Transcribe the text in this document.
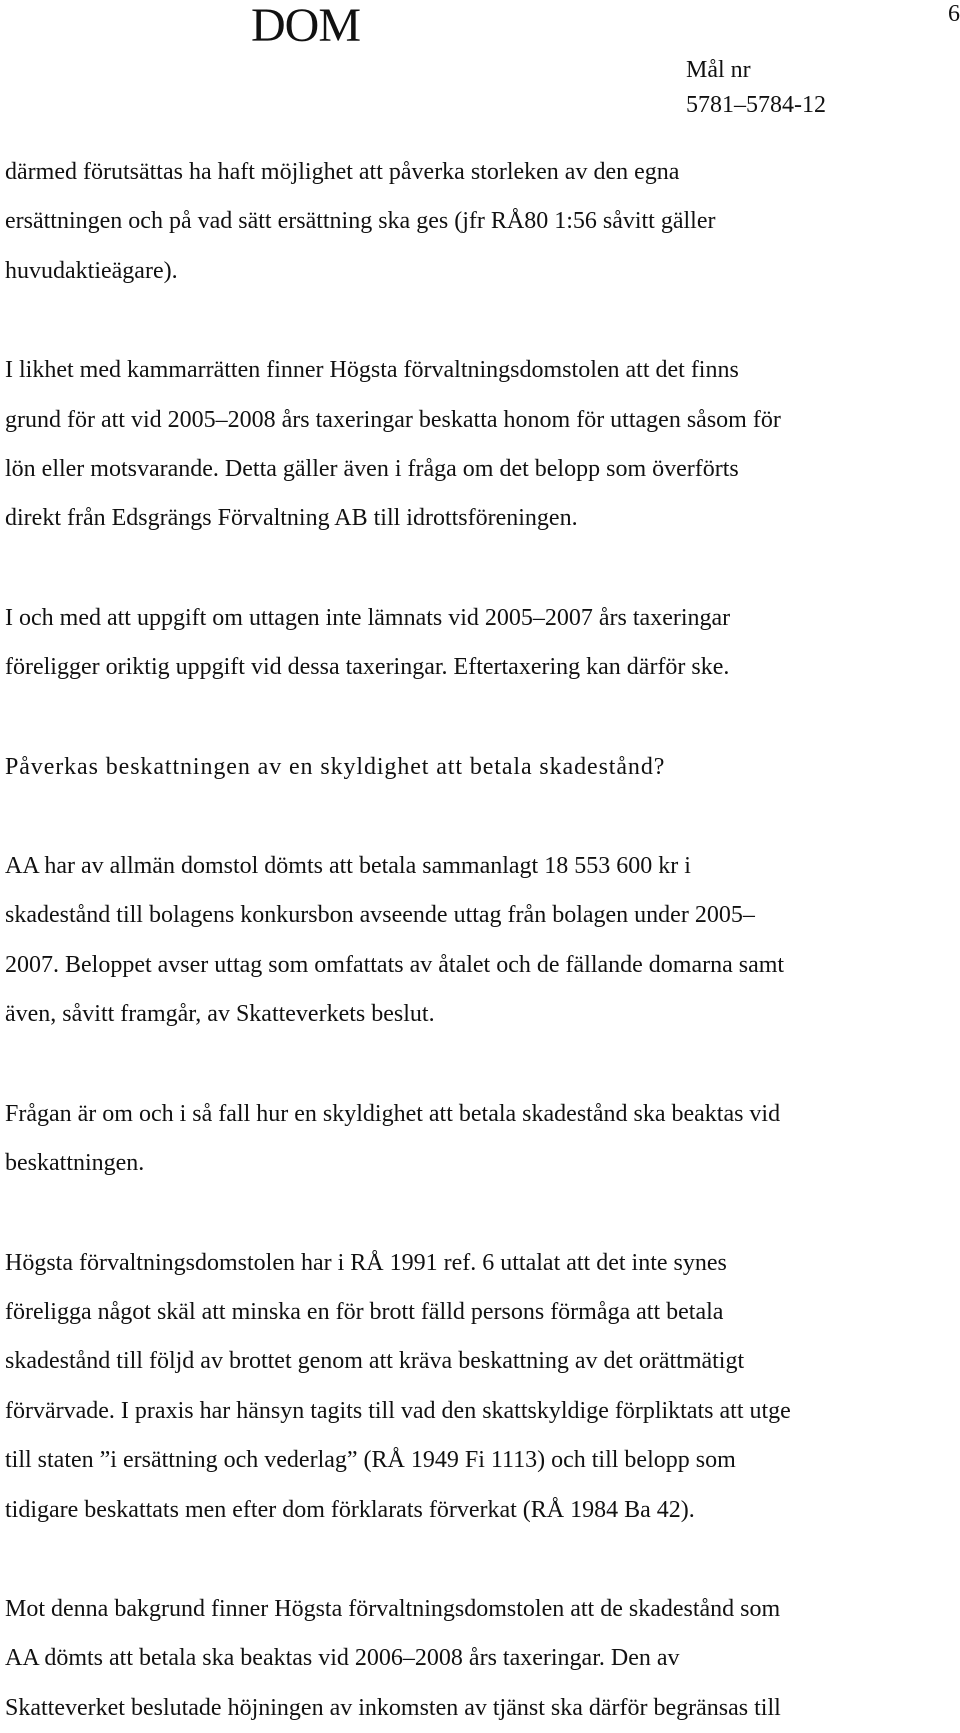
DOM	6
Mål nr
5781–5784-12

därmed förutsättas ha haft möjlighet att påverka storleken av den egna
ersättningen och på vad sätt ersättning ska ges (jfr RÅ80 1:56 såvitt gäller
huvudaktieägare).

I likhet med kammarrätten finner Högsta förvaltningsdomstolen att det finns
grund för att vid 2005–2008 års taxeringar beskatta honom för uttagen såsom för
lön eller motsvarande. Detta gäller även i fråga om det belopp som överförts
direkt från Edsgrängs Förvaltning AB till idrottsföreningen.

I och med att uppgift om uttagen inte lämnats vid 2005–2007 års taxeringar
föreligger oriktig uppgift vid dessa taxeringar. Eftertaxering kan därför ske.

Påverkas beskattningen av en skyldighet att betala skadestånd?

AA har av allmän domstol dömts att betala sammanlagt 18 553 600 kr i
skadestånd till bolagens konkursbon avseende uttag från bolagen under 2005–
2007. Beloppet avser uttag som omfattats av åtalet och de fällande domarna samt
även, såvitt framgår, av Skatteverkets beslut.

Frågan är om och i så fall hur en skyldighet att betala skadestånd ska beaktas vid
beskattningen.

Högsta förvaltningsdomstolen har i RÅ 1991 ref. 6 uttalat att det inte synes
föreligga något skäl att minska en för brott fälld persons förmåga att betala
skadestånd till följd av brottet genom att kräva beskattning av det orättmätigt
förvärvade. I praxis har hänsyn tagits till vad den skattskyldige förpliktats att utge
till staten ”i ersättning och vederlag” (RÅ 1949 Fi 1113) och till belopp som
tidigare beskattats men efter dom förklarats förverkat (RÅ 1984 Ba 42).

Mot denna bakgrund finner Högsta förvaltningsdomstolen att de skadestånd som
AA dömts att betala ska beaktas vid 2006–2008 års taxeringar. Den av
Skatteverket beslutade höjningen av inkomsten av tjänst ska därför begränsas till
